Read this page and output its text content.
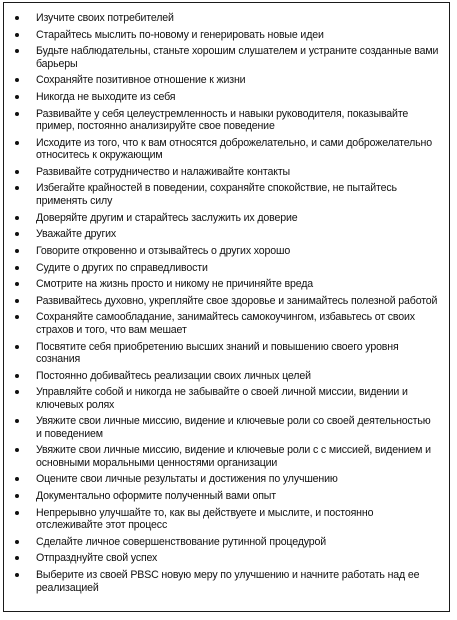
Изучите своих потребителей
Старайтесь мыслить по-новому и генерировать новые идеи
Будьте наблюдательны, станьте хорошим слушателем и устраните созданные вами барьеры
Сохраняйте позитивное отношение к жизни
Никогда не выходите из себя
Развивайте у себя целеустремленность и навыки руководителя, показывайте пример, постоянно анализируйте свое поведение
Исходите из того, что к вам относятся доброжелательно, и сами доброжелательно относитесь к окружающим
Развивайте сотрудничество и налаживайте контакты
Избегайте крайностей в поведении, сохраняйте спокойствие, не пытайтесь применять силу
Доверяйте другим и старайтесь заслужить их доверие
Уважайте других
Говорите откровенно и отзывайтесь о других хорошо
Судите о других по справедливости
Смотрите на жизнь просто и никому не причиняйте вреда
Развивайтесь духовно, укрепляйте свое здоровье и занимайтесь полезной работой
Сохраняйте самообладание, занимайтесь самокоучингом, избавьтесь от своих страхов и того, что вам мешает
Посвятите себя приобретению высших знаний и повышению своего уровня сознания
Постоянно добивайтесь реализации своих личных целей
Управляйте собой и никогда не забывайте о своей личной миссии, видении и ключевых ролях
Увяжите свои личные миссию, видение и ключевые роли со своей деятельностью и поведением
Увяжите свои личные миссию, видение и ключевые роли с с миссией, видением и основными моральными ценностями организации
Оцените свои личные результаты и достижения по улучшению
Документально оформите полученный вами опыт
Непрерывно улучшайте то, как вы действуете и мыслите, и постоянно отслеживайте этот процесс
Сделайте личное совершенствование рутинной процедурой
Отпразднуйте свой успех
Выберите из своей PBSC новую меру по улучшению и начните работать над ее реализацией
